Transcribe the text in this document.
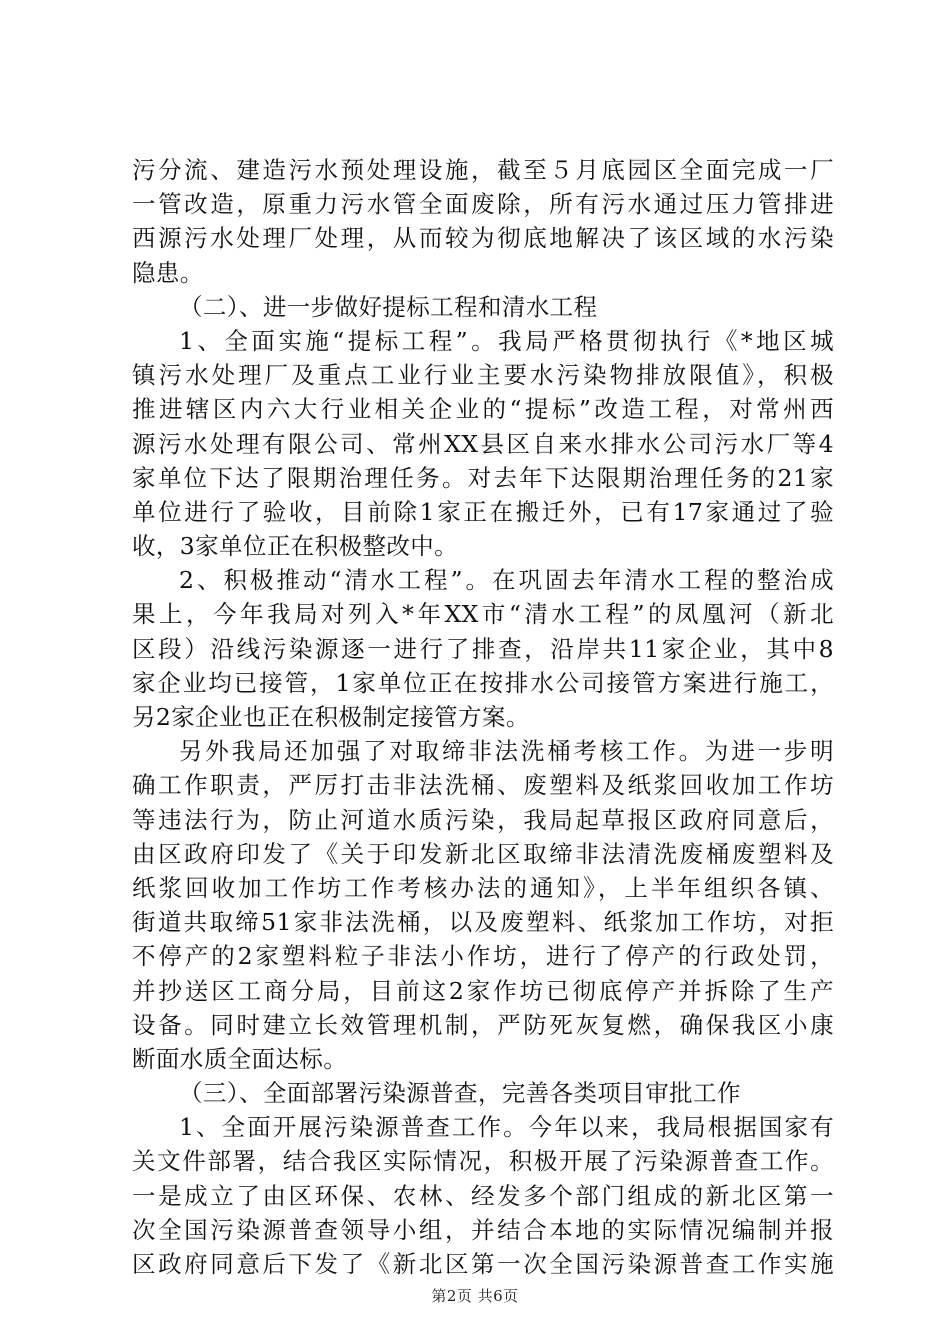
污分流、建造污水预处理设施，截至５月底园区全面完成一厂
一管改造，原重力污水管全面废除，所有污水通过压力管排进
西源污水处理厂处理，从而较为彻底地解决了该区域的水污染
隐患。
（二）、进一步做好提标工程和清水工程
1、全面实施“提标工程”。我局严格贯彻执行《*地区城
镇污水处理厂及重点工业行业主要水污染物排放限值》，积极
推进辖区内六大行业相关企业的“提标”改造工程，对常州西
源污水处理有限公司、常州XX县区自来水排水公司污水厂等4
家单位下达了限期治理任务。对去年下达限期治理任务的21家
单位进行了验收，目前除1家正在搬迁外，已有17家通过了验
收，3家单位正在积极整改中。
2、积极推动“清水工程”。在巩固去年清水工程的整治成
果上，今年我局对列入*年XX市“清水工程”的凤凰河（新北
区段）沿线污染源逐一进行了排查，沿岸共11家企业，其中8
家企业均已接管，1家单位正在按排水公司接管方案进行施工，
另2家企业也正在积极制定接管方案。
另外我局还加强了对取缔非法洗桶考核工作。为进一步明
确工作职责，严厉打击非法洗桶、废塑料及纸浆回收加工作坊
等违法行为，防止河道水质污染，我局起草报区政府同意后，
由区政府印发了《关于印发新北区取缔非法清洗废桶废塑料及
纸浆回收加工作坊工作考核办法的通知》，上半年组织各镇、
街道共取缔51家非法洗桶，以及废塑料、纸浆加工作坊，对拒
不停产的2家塑料粒子非法小作坊，进行了停产的行政处罚，
并抄送区工商分局，目前这2家作坊已彻底停产并拆除了生产
设备。同时建立长效管理机制，严防死灰复燃，确保我区小康
断面水质全面达标。
（三）、全面部署污染源普查，完善各类项目审批工作
1、全面开展污染源普查工作。今年以来，我局根据国家有
关文件部署，结合我区实际情况，积极开展了污染源普查工作。
一是成立了由区环保、农林、经发多个部门组成的新北区第一
次全国污染源普查领导小组，并结合本地的实际情况编制并报
区政府同意后下发了《新北区第一次全国污染源普查工作实施
第2页 共6页
